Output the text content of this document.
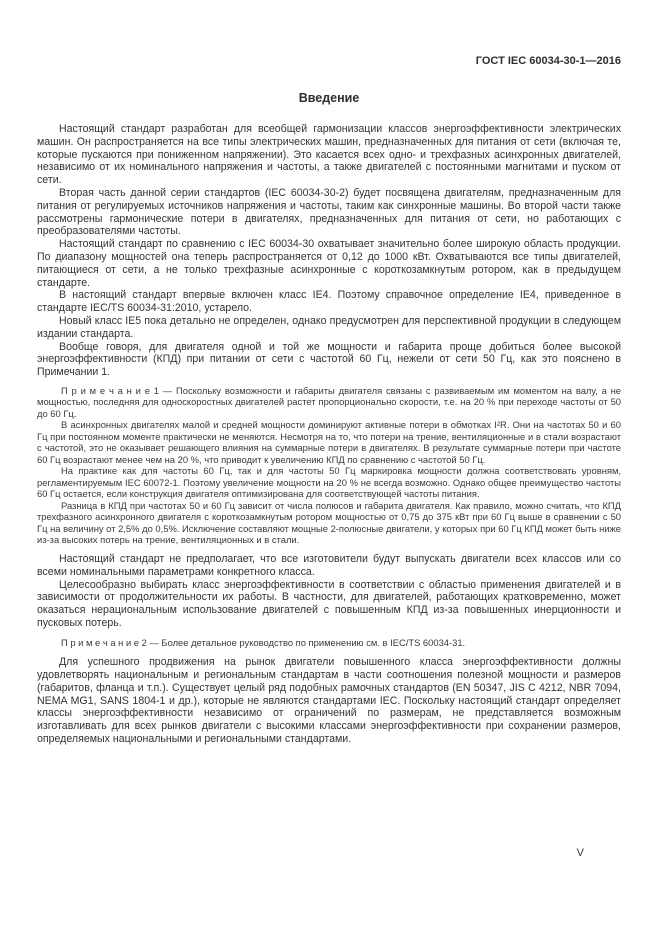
ГОСТ IEC 60034-30-1—2016
Введение

Настоящий стандарт разработан для всеобщей гармонизации классов энергоэффективности электрических машин. Он распространяется на все типы электрических машин, предназначенных для питания от сети (включая те, которые пускаются при пониженном напряжении). Это касается всех одно- и трехфазных асинхронных двигателей, независимо от их номинального напряжения и частоты, а также двигателей с постоянными магнитами и пуском от сети.

Вторая часть данной серии стандартов (IEC 60034-30-2) будет посвящена двигателям, предназначенным для питания от регулируемых источников напряжения и частоты, таким как синхронные машины. Во второй части также рассмотрены гармонические потери в двигателях, предназначенных для питания от сети, но работающих с преобразователями частоты.

Настоящий стандарт по сравнению с IEC 60034-30 охватывает значительно более широкую область продукции. По диапазону мощностей она теперь распространяется от 0,12 до 1000 кВт. Охватываются все типы двигателей, питающиеся от сети, а не только трехфазные асинхронные с короткозамкнутым ротором, как в предыдущем стандарте.

В настоящий стандарт впервые включен класс IE4. Поэтому справочное определение IE4, приведенное в стандарте IEC/TS 60034-31:2010, устарело.

Новый класс IE5 пока детально не определен, однако предусмотрен для перспективной продукции в следующем издании стандарта.

Вообще говоря, для двигателя одной и той же мощности и габарита проще добиться более высокой энергоэффективности (КПД) при питании от сети с частотой 60 Гц, нежели от сети 50 Гц, как это пояснено в Примечании 1.

П р и м е ч а н и е 1 — Поскольку возможности и габариты двигателя связаны с развиваемым им моментом на валу, а не мощностью, последняя для односкоростных двигателей растет пропорционально скорости, т.е. на 20 % при переходе частоты от 50 до 60 Гц.

В асинхронных двигателях малой и средней мощности доминируют активные потери в обмотках I²R. Они на частотах 50 и 60 Гц при постоянном моменте практически не меняются. Несмотря на то, что потери на трение, вентиляционные и в стали возрастают с частотой, это не оказывает решающего влияния на суммарные потери в двигателях. В результате суммарные потери при частоте 60 Гц возрастают менее чем на 20 %, что приводит к увеличению КПД по сравнению с частотой 50 Гц.

На практике как для частоты 60 Гц, так и для частоты 50 Гц маркировка мощности должна соответствовать уровням, регламентируемым IEC 60072-1. Поэтому увеличение мощности на 20 % не всегда возможно. Однако общее преимущество частоты 60 Гц остается, если конструкция двигателя оптимизирована для соответствующей частоты питания.

Разница в КПД при частотах 50 и 60 Гц зависит от числа полюсов и габарита двигателя. Как правило, можно считать, что КПД трехфазного асинхронного двигателя с короткозамкнутым ротором мощностью от 0,75 до 375 кВт при 60 Гц выше в сравнении с 50 Гц на величину от 2,5% до 0,5%. Исключение составляют мощные 2-полюсные двигатели, у которых при 60 Гц КПД может быть ниже из-за высоких потерь на трение, вентиляционных и в стали.

Настоящий стандарт не предполагает, что все изготовители будут выпускать двигатели всех классов или со всеми номинальными параметрами конкретного класса.

Целесообразно выбирать класс энергоэффективности в соответствии с областью применения двигателей и в зависимости от продолжительности их работы. В частности, для двигателей, работающих кратковременно, может оказаться нерациональным использование двигателей с повышенным КПД из-за повышенных инерционности и пусковых потерь.

П р и м е ч а н и е 2 — Более детальное руководство по применению см. в IEC/TS 60034-31.

Для успешного продвижения на рынок двигатели повышенного класса энергоэффективности должны удовлетворять национальным и региональным стандартам в части соотношения полезной мощности и размеров (габаритов, фланца и т.п.). Существует целый ряд подобных рамочных стандартов (EN 50347, JIS C 4212, NBR 7094, NEMA MG1, SANS 1804-1 и др.), которые не являются стандартами IEC. Поскольку настоящий стандарт определяет классы энергоэффективности независимо от ограничений по размерам, не представляется возможным изготавливать для всех рынков двигатели с высокими классами энергоэффективности при сохранении размеров, определяемых национальными и региональными стандартами.

V
